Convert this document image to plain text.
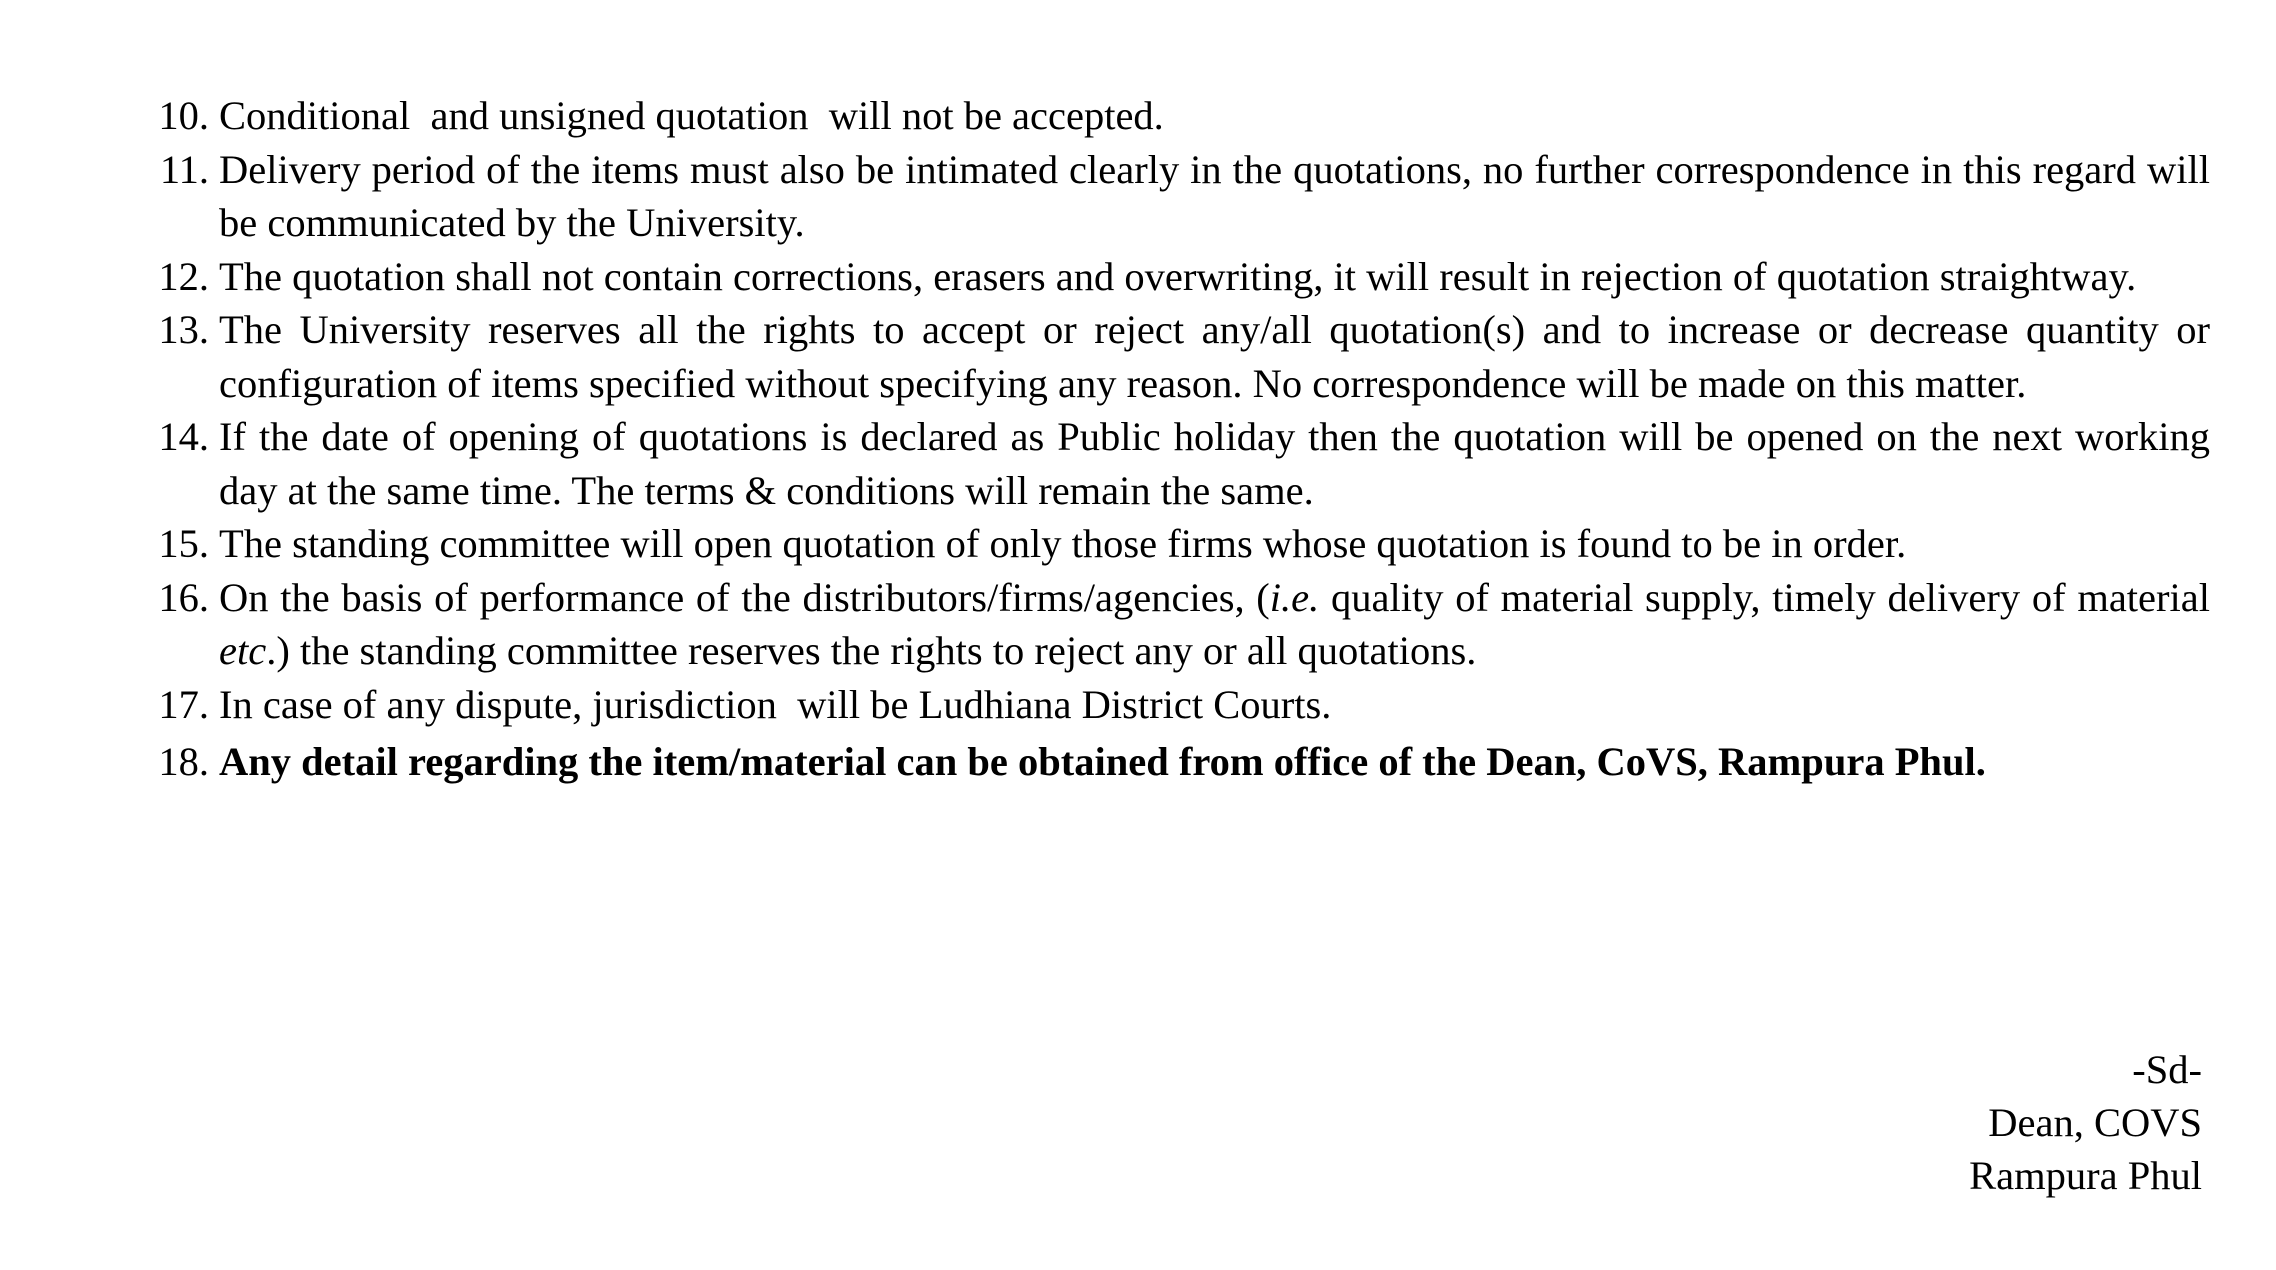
10. Conditional  and unsigned quotation  will not be accepted.
11. Delivery period of the items must also be intimated clearly in the quotations, no further correspondence in this regard will be communicated by the University.
12. The quotation shall not contain corrections, erasers and overwriting, it will result in rejection of quotation straightway.
13. The University reserves all the rights to accept or reject any/all quotation(s) and to increase or decrease quantity or configuration of items specified without specifying any reason. No correspondence will be made on this matter.
14. If the date of opening of quotations is declared as Public holiday then the quotation will be opened on the next working day at the same time. The terms & conditions will remain the same.
15. The standing committee will open quotation of only those firms whose quotation is found to be in order.
16. On the basis of performance of the distributors/firms/agencies, (i.e. quality of material supply, timely delivery of material etc.) the standing committee reserves the rights to reject any or all quotations.
17. In case of any dispute, jurisdiction  will be Ludhiana District Courts.
18. Any detail regarding the item/material can be obtained from office of the Dean, CoVS, Rampura Phul.
-Sd-
Dean, COVS
Rampura Phul
